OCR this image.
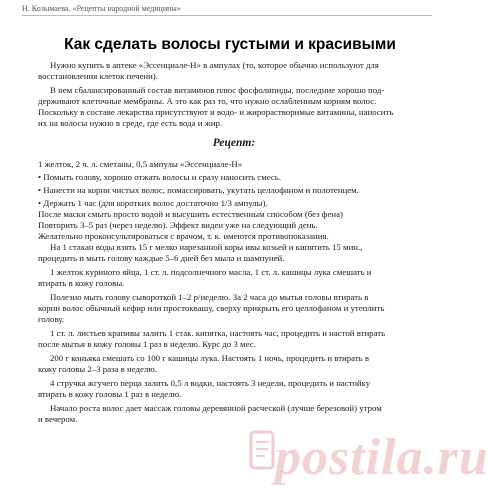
Н. Козымаева. «Рецепты народной медицины»
Как сделать волосы густыми и красивыми

Нужно купить в аптеке «Эссенциале-Н» в ампулах (то, которое обычно используют для

восстановления клеток печени).

В нем сбалансированный состав витаминов плюс фосфолипиды, последние хорошо под-

держивают клеточные мембраны. А это как раз то, что нужно ослабленным корням волос.

Поскольку в составе лекарства присутствуют и водо- и жирорастворимые витамины, наносить

их на волосы нужно в среде, где есть вода и жир.

Рецепт:

1 желток, 2 ч. л. сметаны, 0,5 ампулы «Эссенциале-Н»

• Помыть голову, хорошо отжать волосы и сразу наносить смесь.

• Нанести на корни чистых волос, помассировать, укутать целлофаном и полотенцем.

• Держать 1 час (для коротких волос достаточно 1/3 ампулы).

После маски смыть просто водой и высушить естественным способом (без фена)

Повторить 3–5 раз (через неделю). Эффект виден уже на следующий день.

Желательно проконсультироваться с врачом, т. к. имеются противопоказания.

На 1 стакан воды взять 15 г мелко нарезанной коры ивы козьей и кипятить 15 мин.,

процедить и мыть голову каждые 5–6 дней без мыла и шампуней.

1 желток куриного яйца, 1 ст. л. подсолнечного масла, 1 ст. л. кашицы лука смешать и

втирать в кожу головы.

Полезно мыть голову сывороткой 1–2 р/неделю. За 2 часа до мытья головы втирать в

корни волос обычный кефир или простоквашу, сверху прикрыть его целлофаном и утеплить

голову.

1 ст. л. листьев крапивы залить 1 стак. кипятка, настоять час, процедить и настой втирать

после мытья в кожу головы 1 раз в неделю. Курс до 3 мес.

200 г коньяка смешать со 100 г кашицы лука. Настоять 1 ночь, процедить и втирать в

кожу головы 2–3 раза в неделю.

4 стручка жгучего перца залить 0,5 л водки, настоять 3 недели, процедить и настойку

втирать в кожу головы 1 раз в неделю.

Начало роста волос дает массаж головы деревянной расческой (лучше березовой) утром

и вечером.

postila.ru
